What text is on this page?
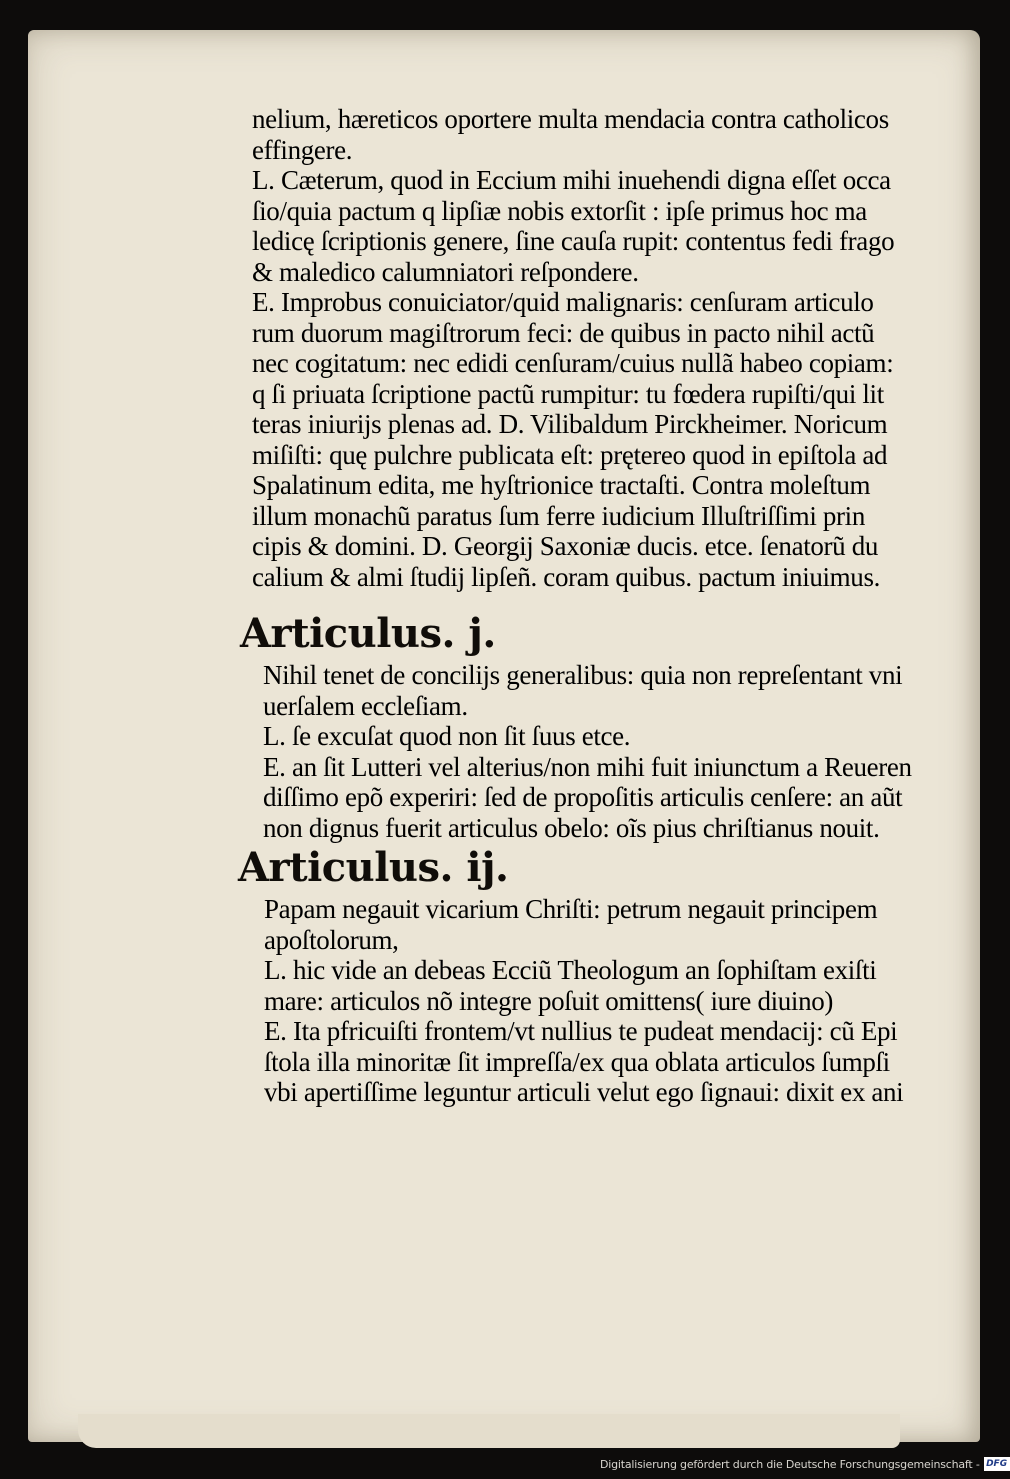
nelium, hæreticos oportere multa mendacia contra catholicos
effingere.
L. Cæterum, quod in Eccium mihi inuehendi digna eſſet occa
ſio/quia pactum q lipſiæ nobis extorſit : ipſe primus hoc ma
ledicę ſcriptionis genere, ſine cauſa rupit: contentus fedi frago
& maledico calumniatori reſpondere.
E. Improbus conuiciator/quid malignaris: cenſuram articulo
rum duorum magiſtrorum feci: de quibus in pacto nihil actũ
nec cogitatum: nec edidi cenſuram/cuius nullã habeo copiam:
q ſi priuata ſcriptione pactũ rumpitur: tu fœdera rupiſti/qui lit
teras iniurijs plenas ad. D. Vilibaldum Pirckheimer. Noricum
miſiſti: quę pulchre publicata eſt: prętereo quod in epiſtola ad
Spalatinum edita, me hyſtrionice tractaſti. Contra moleſtum
illum monachũ paratus ſum ferre iudicium Illuſtriſſimi prin
cipis & domini. D. Georgij Saxoniæ ducis. etce. ſenatorũ du
calium & almi ſtudij lipſeñ. coram quibus. pactum iniuimus.
Articulus. j.
Nihil tenet de concilijs generalibus: quia non repreſentant vni
uerſalem eccleſiam.
L. ſe excuſat quod non ſit ſuus etce.
E. an ſit Lutteri vel alterius/non mihi fuit iniunctum a Reueren
diſſimo epõ experiri: ſed de propoſitis articulis cenſere: an aũt
non dignus fuerit articulus obelo: oĩs pius chriſtianus nouit.
Articulus. ij.
Papam negauit vicarium Chriſti: petrum negauit principem
apoſtolorum,
L. hic vide an debeas Ecciũ Theologum an ſophiſtam exiſti
mare: articulos nõ integre poſuit omittens( iure diuino)
E. Ita pfricuiſti frontem/vt nullius te pudeat mendacij: cũ Epi
ſtola illa minoritæ ſit impreſſa/ex qua oblata articulos ſumpſi
vbi apertiſſime leguntur articuli velut ego ſignaui: dixit ex ani
Digitalisierung gefördert durch die Deutsche Forschungsgemeinschaft - DFG
